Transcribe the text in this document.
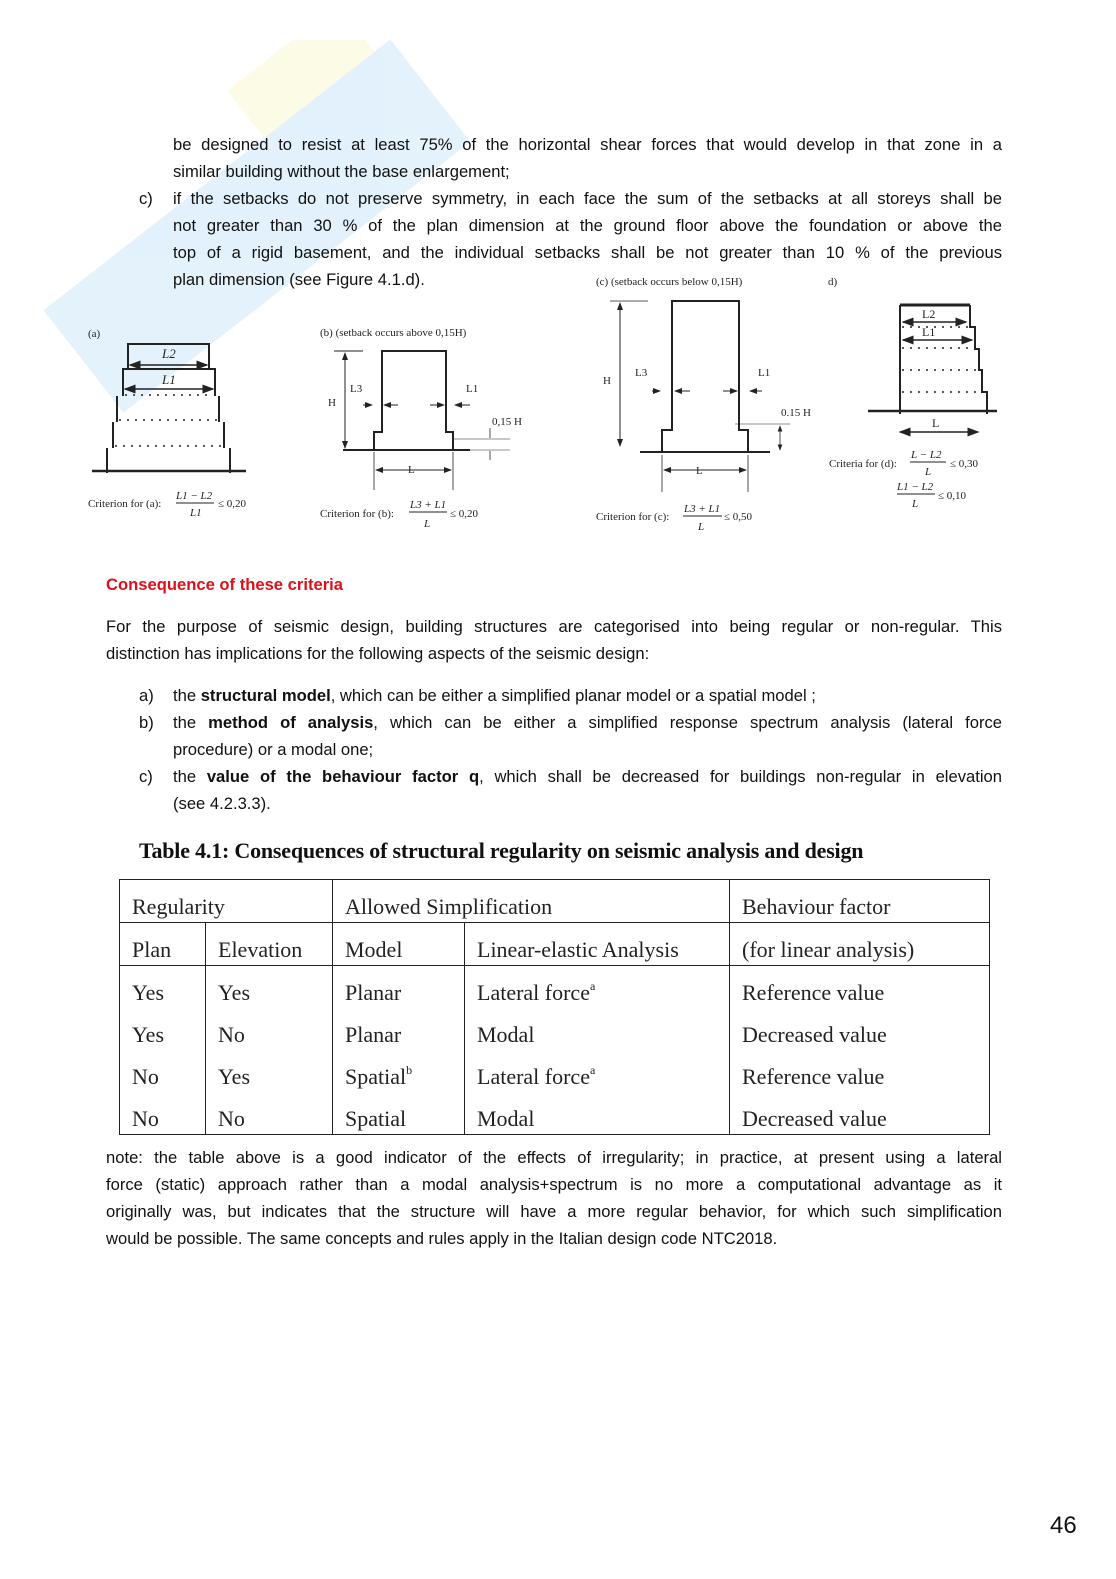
be designed to resist at least 75% of the horizontal shear forces that would develop in that zone in a
similar building without the base enlargement;
c) if the setbacks do not preserve symmetry, in each face the sum of the setbacks at all storeys shall be
not greater than 30 % of the plan dimension at the ground floor above the foundation or above the
top of a rigid basement, and the individual setbacks shall be not greater than 10 % of the previous
plan dimension (see Figure 4.1.d).
(a)
L2
L1
Criterion for (a):
L1 − L2
L1
≤ 0,20
(b) (setback occurs above 0,15H)
H
L3	L1
0,15 H
L
Criterion for (b):
L3 + L1
L
≤ 0,20
(c) (setback occurs below 0,15H)
H
L3	L1
0.15 H
L
Criterion for (c):
L3 + L1
L
≤ 0,50
d)
L2
L1
L
Criteria for (d):
L − L2
L
≤ 0,30
L1 − L2
L
≤ 0,10
Consequence of these criteria
For the purpose of seismic design, building structures are categorised into being regular or non-regular. This
distinction has implications for the following aspects of the seismic design:
a) the structural model, which can be either a simplified planar model or a spatial model ;
b) the method of analysis, which can be either a simplified response spectrum analysis (lateral force
procedure) or a modal one;
c) the value of the behaviour factor q, which shall be decreased for buildings non-regular in elevation
(see 4.2.3.3).
Table 4.1: Consequences of structural regularity on seismic analysis and design
Regularity		Allowed Simplification		Behaviour factor
Plan	Elevation	Model	Linear-elastic Analysis	(for linear analysis)
Yes	Yes	Planar	Lateral force$^a$	Reference value
Yes	No	Planar	Modal	Decreased value
No	Yes	Spatial$^b$	Lateral force$^a$	Reference value
No	No	Spatial	Modal	Decreased value
note: the table above is a good indicator of the effects of irregularity; in practice, at present using a lateral
force (static) approach rather than a modal analysis+spectrum is no more a computational advantage as it
originally was, but indicates that the structure will have a more regular behavior, for which such simplification
would be possible. The same concepts and rules apply in the Italian design code NTC2018.
46
